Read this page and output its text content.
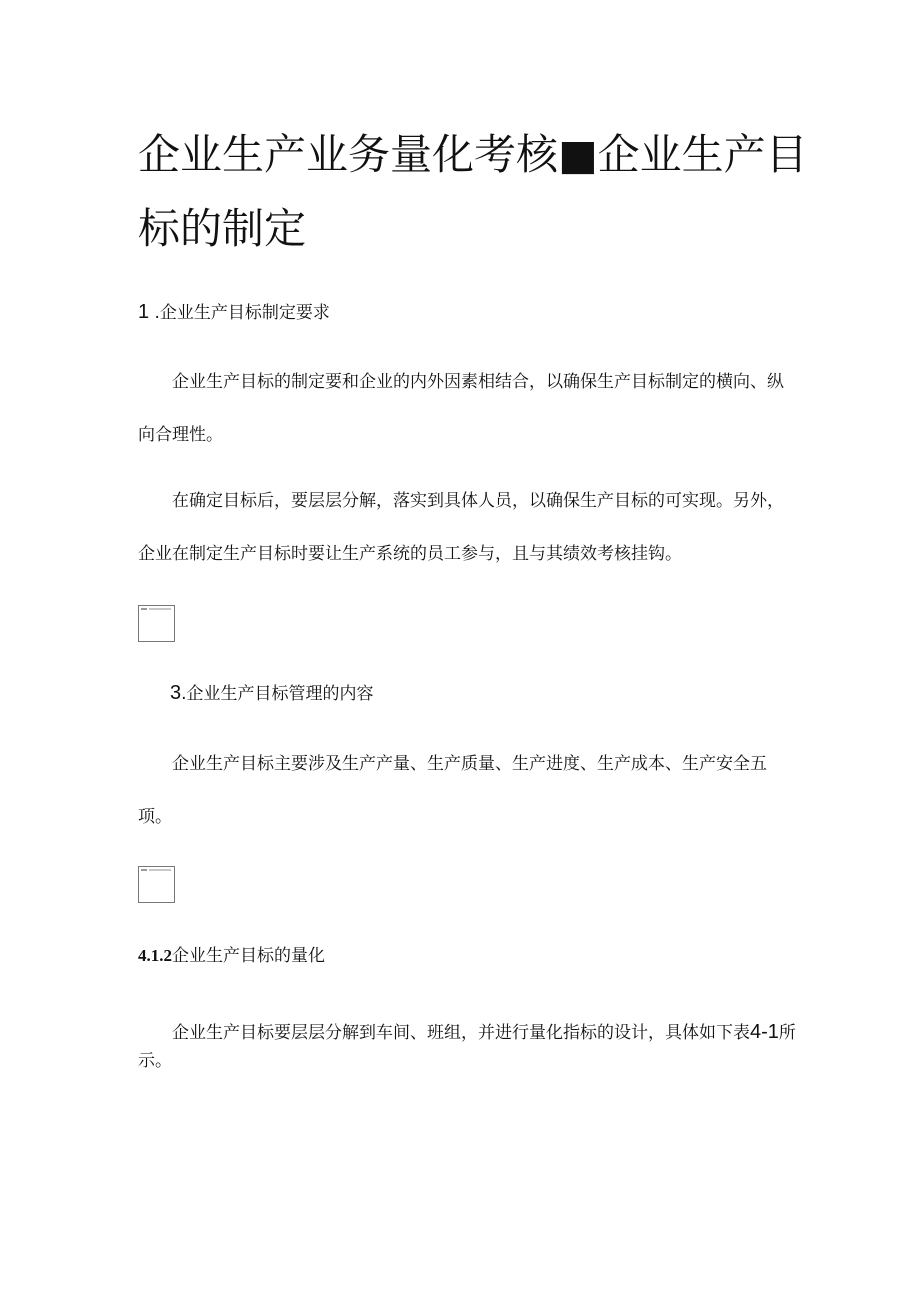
企业生产业务量化考核■企业生产目标的制定

1 .企业生产目标制定要求

企业生产目标的制定要和企业的内外因素相结合，以确保生产目标制定的横向、纵向合理性。

在确定目标后，要层层分解，落实到具体人员，以确保生产目标的可实现。另外，企业在制定生产目标时要让生产系统的员工参与，且与其绩效考核挂钩。

3.企业生产目标管理的内容

企业生产目标主要涉及生产产量、生产质量、生产进度、生产成本、生产安全五项。

4.1.2企业生产目标的量化

企业生产目标要层层分解到车间、班组，并进行量化指标的设计，具体如下表4-1所示。
